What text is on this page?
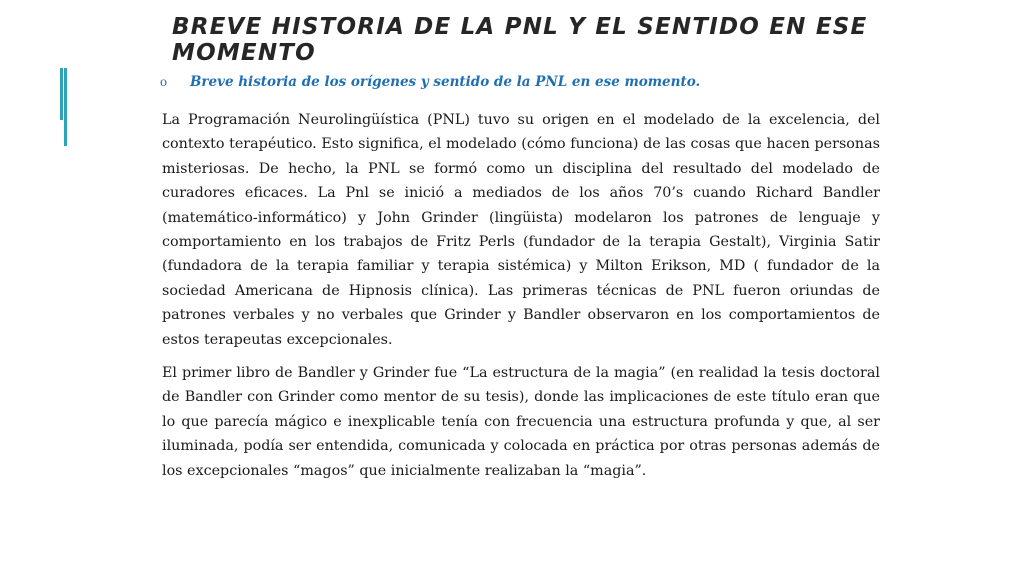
BREVE HISTORIA DE LA PNL Y EL SENTIDO EN ESE MOMENTO
o	Breve historia de los orígenes y sentido de la PNL en ese momento.

La Programación Neurolingüística (PNL) tuvo su origen en el modelado de la excelencia, del contexto terapéutico. Esto significa, el modelado (cómo funciona) de las cosas que hacen personas misteriosas. De hecho, la PNL se formó como un disciplina del resultado del modelado de curadores eficaces. La Pnl se inició a mediados de los años 70’s cuando Richard Bandler (matemático-informático) y John Grinder (lingüista) modelaron los patrones de lenguaje y comportamiento en los trabajos de Fritz Perls (fundador de la terapia Gestalt), Virginia Satir (fundadora de la terapia familiar y terapia sistémica) y Milton Erikson, MD ( fundador de la sociedad Americana de Hipnosis clínica). Las primeras técnicas de PNL fueron oriundas de patrones verbales y no verbales que Grinder y Bandler observaron en los comportamientos de estos terapeutas excepcionales.

El primer libro de Bandler y Grinder fue “La estructura de la magia” (en realidad la tesis doctoral de Bandler con Grinder como mentor de su tesis), donde las implicaciones de este título eran que lo que parecía mágico e inexplicable tenía con frecuencia una estructura profunda y que, al ser iluminada, podía ser entendida, comunicada y colocada en práctica por otras personas además de los excepcionales “magos” que inicialmente realizaban la “magia”.
